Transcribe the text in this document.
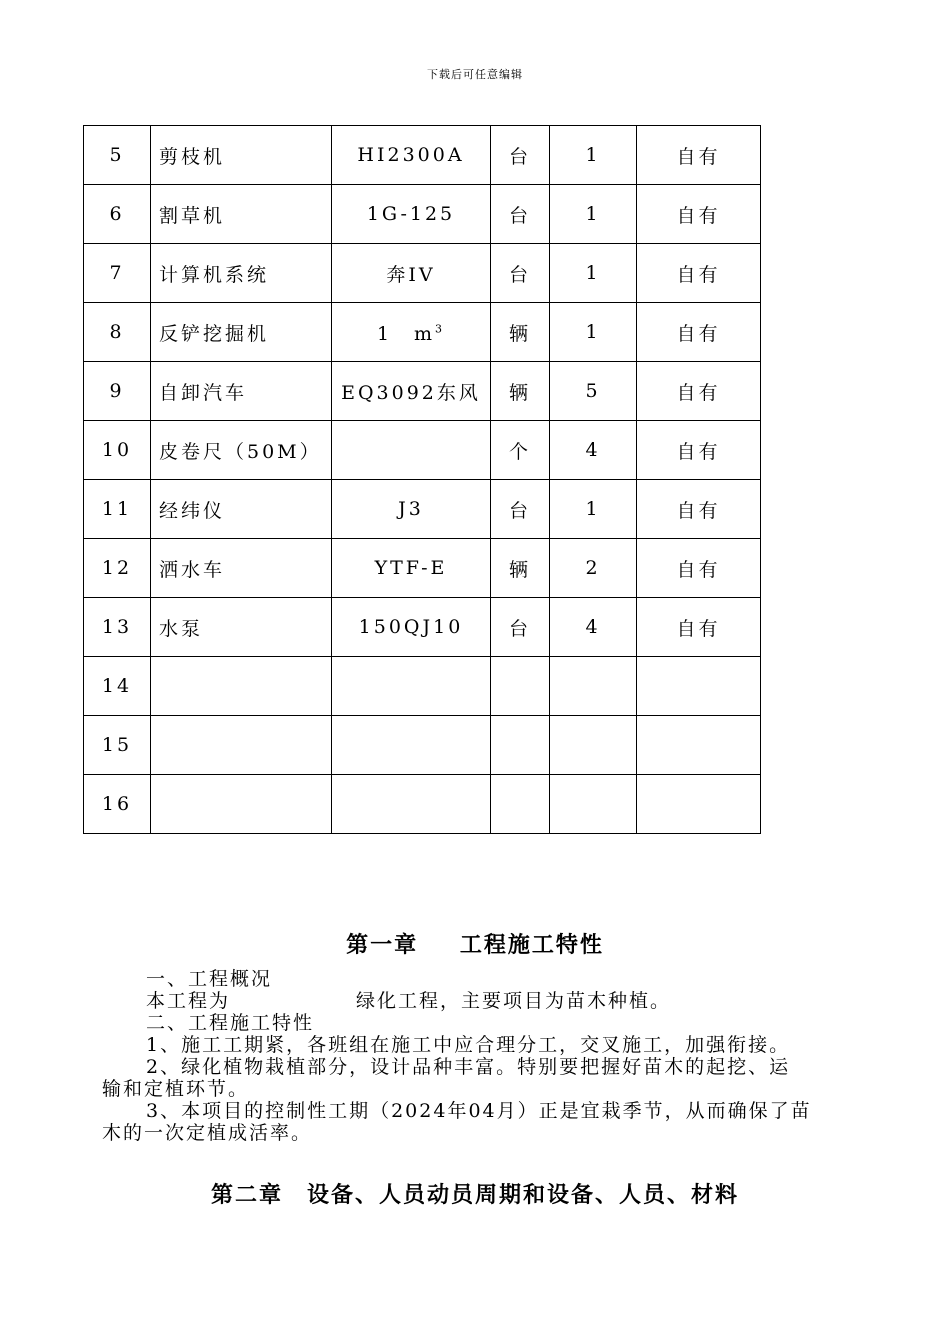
下载后可任意编辑
5	剪枝机	HI2300A	台	1	自有
6	割草机	1G-125	台	1	自有
7	计算机系统	奔IV	台	1	自有
8	反铲挖掘机	1　$m^3$	辆	1	自有
9	自卸汽车	EQ3092东风	辆	5	自有
10	皮卷尺（50M）		个	4	自有
11	经纬仪	J3	台	1	自有
12	洒水车	YTF-E	辆	2	自有
13	水泵	150QJ10	台	4	自有
14					
15					
16					
第一章　 工程施工特性
一、工程概况
本工程为　　　　　　绿化工程，主要项目为苗木种植。
二、工程施工特性
1、施工工期紧，各班组在施工中应合理分工，交叉施工，加强衔接。
2、绿化植物栽植部分，设计品种丰富。特别要把握好苗木的起挖、运
输和定植环节。
3、本项目的控制性工期（2024年04月）正是宜栽季节，从而确保了苗
木的一次定植成活率。
第二章　设备、人员动员周期和设备、人员、材料
